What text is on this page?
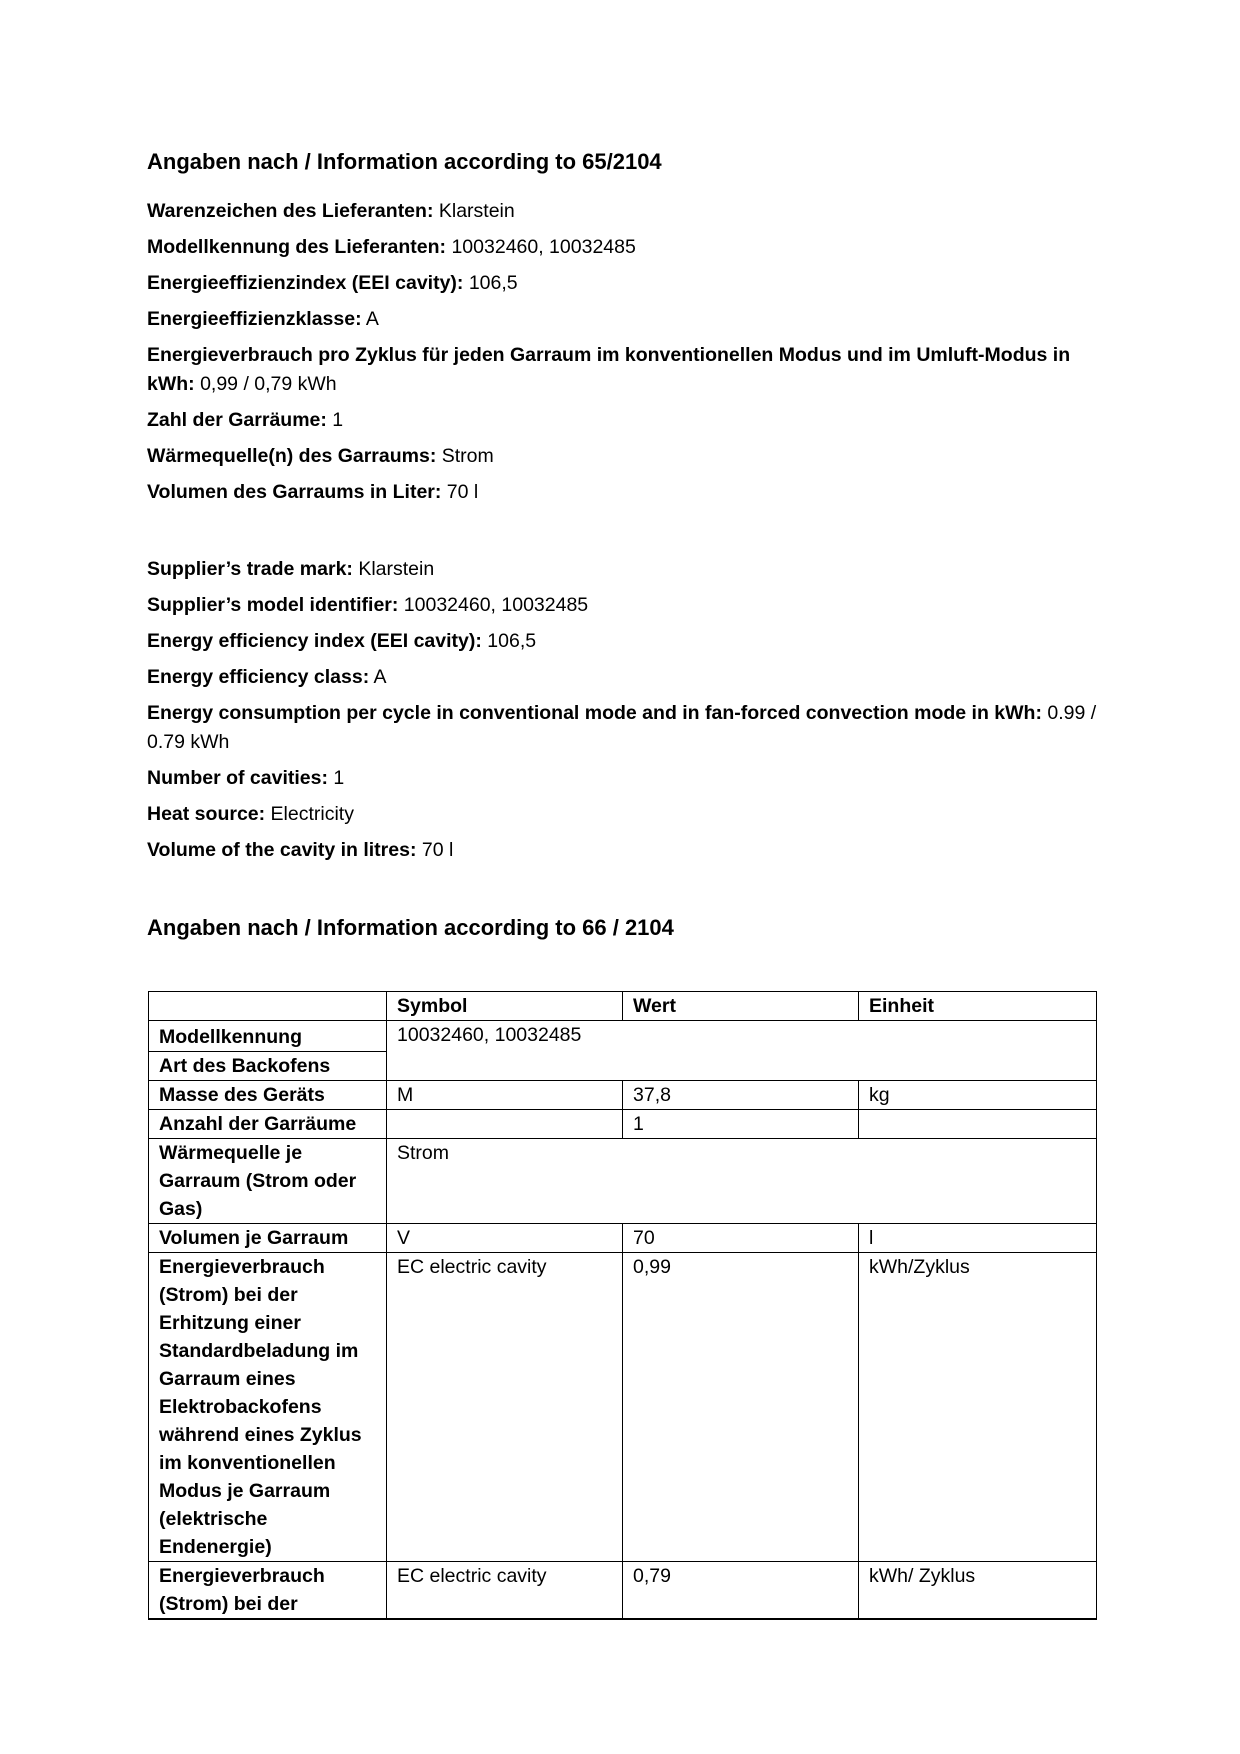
Angaben nach / Information according to 65/2104
Warenzeichen des Lieferanten: Klarstein
Modellkennung des Lieferanten: 10032460, 10032485
Energieeffizienzindex (EEI cavity): 106,5
Energieeffizienzklasse: A
Energieverbrauch pro Zyklus für jeden Garraum im konventionellen Modus und im Umluft-Modus in kWh: 0,99 / 0,79 kWh
Zahl der Garräume: 1
Wärmequelle(n) des Garraums: Strom
Volumen des Garraums in Liter: 70 l
Supplier’s trade mark: Klarstein
Supplier’s model identifier: 10032460, 10032485
Energy efficiency index (EEI cavity): 106,5
Energy efficiency class: A
Energy consumption per cycle in conventional mode and in fan-forced convection mode in kWh: 0.99 / 0.79 kWh
Number of cavities: 1
Heat source: Electricity
Volume of the cavity in litres: 70 l
Angaben nach / Information according to 66 / 2104
	Symbol	Wert	Einheit
Modellkennung	10032460, 10032485		
Art des Backofens			
Masse des Geräts	M	37,8	kg
Anzahl der Garräume		1	
Wärmequelle je Garraum (Strom oder Gas)	Strom		
Volumen je Garraum	V	70	l
Energieverbrauch (Strom) bei der Erhitzung einer Standardbeladung im Garraum eines Elektrobackofens während eines Zyklus im konventionellen Modus je Garraum (elektrische Endenergie)	EC electric cavity	0,99	kWh/Zyklus
Energieverbrauch (Strom) bei der	EC electric cavity	0,79	kWh/ Zyklus
